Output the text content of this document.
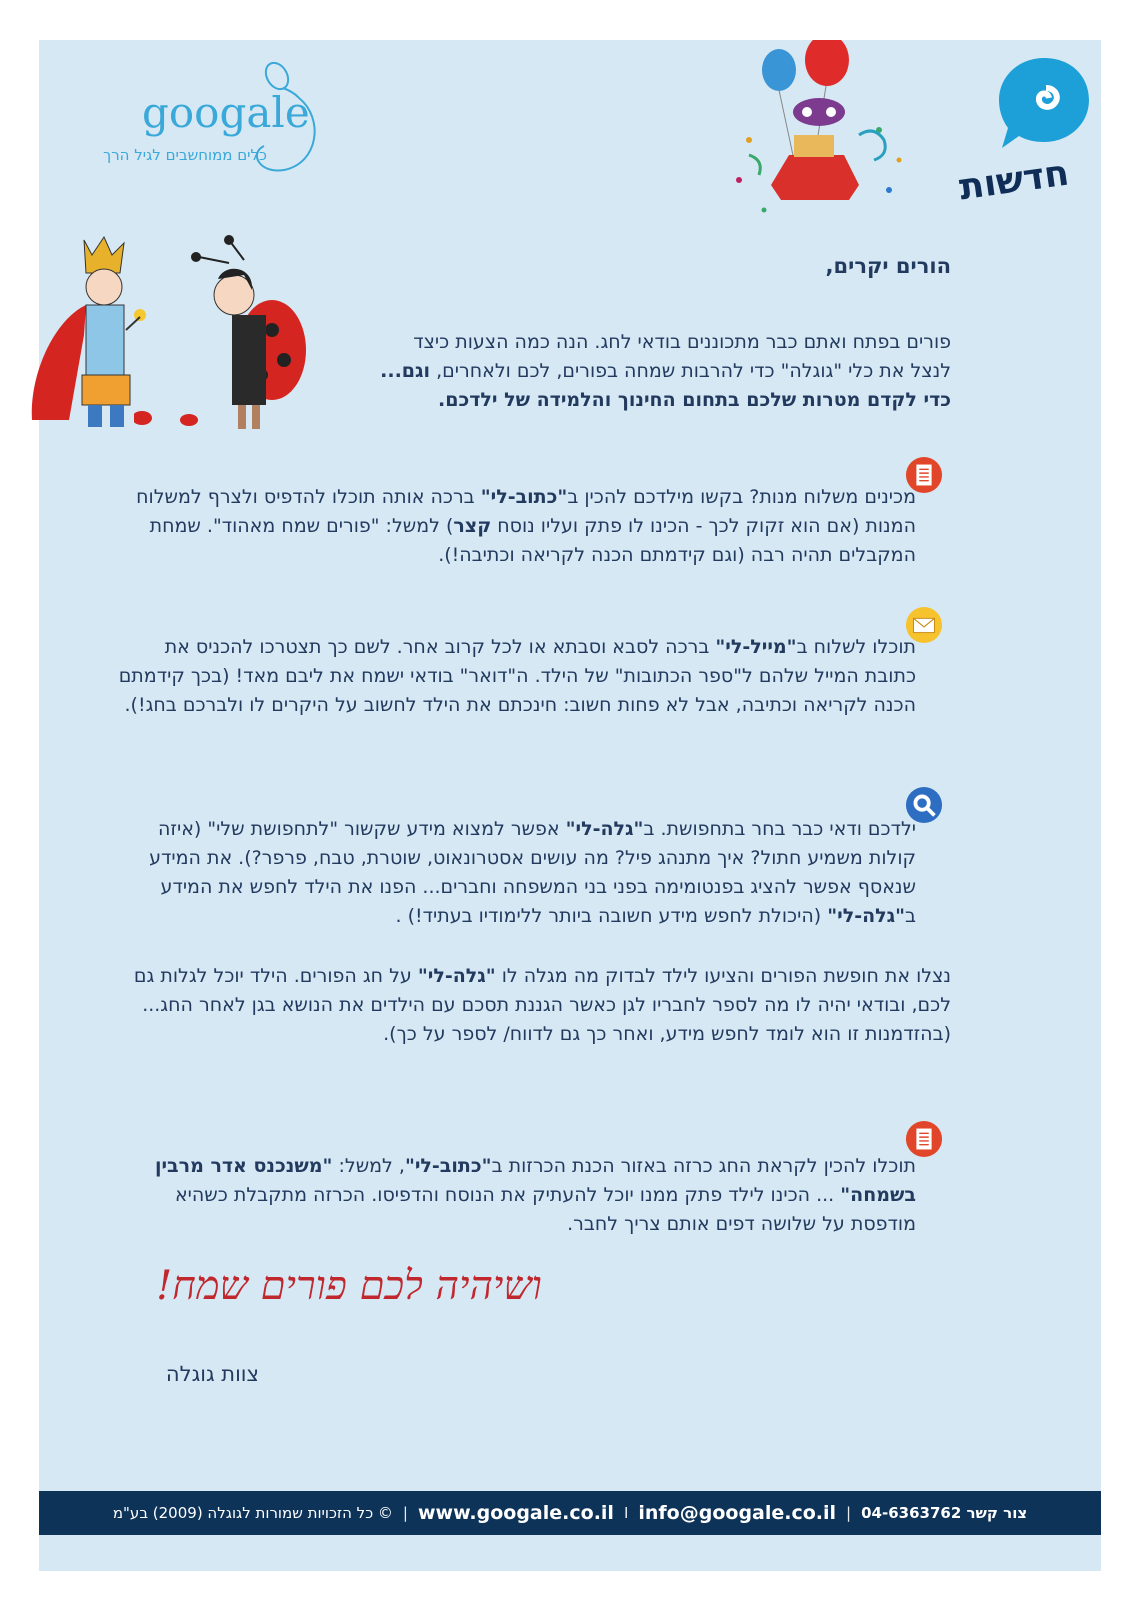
googale
כלים ממוחשבים לגיל הרך	חדשות
הורים יקרים,
פורים בפתח ואתם כבר מתכוננים בודאי לחג. הנה כמה הצעות כיצד
לנצל את כלי "גוגלה" כדי להרבות שמחה בפורים, לכם ולאחרים, וגם...
כדי לקדם מטרות שלכם בתחום החינוך והלמידה של ילדכם.
מכינים משלוח מנות? בקשו מילדכם להכין ב"כתוב-לי" ברכה אותה תוכלו להדפיס ולצרף למשלוח המנות (אם הוא זקוק לכך - הכינו לו פתק ועליו נוסח קצר) למשל: "פורים שמח מאהוד". שמחת המקבלים תהיה רבה (וגם קידמתם הכנה לקריאה וכתיבה!).
תוכלו לשלוח ב"מייל-לי" ברכה לסבא וסבתא או לכל קרוב אחר. לשם כך תצטרכו להכניס את כתובת המייל שלהם ל"ספר הכתובות" של הילד. ה"דואר" בודאי ישמח את ליבם מאד! (בכך קידמתם הכנה לקריאה וכתיבה, אבל לא פחות חשוב: חינכתם את הילד לחשוב על היקרים לו ולברכם בחג!).
ילדכם ודאי כבר בחר בתחפושת. ב"גלה-לי" אפשר למצוא מידע שקשור "לתחפושת שלי" (איזה קולות משמיע חתול? איך מתנהג פיל? מה עושים אסטרונאוט, שוטרת, טבח, פרפר?). את המידע שנאסף אפשר להציג בפנטומימה בפני בני המשפחה וחברים... הפנו את הילד לחפש את המידע ב"גלה-לי" (היכולת לחפש מידע חשובה ביותר ללימודיו בעתיד!) .
נצלו את חופשת הפורים והציעו לילד לבדוק מה מגלה לו "גלה-לי" על חג הפורים. הילד יוכל לגלות גם לכם, ובודאי יהיה לו מה לספר לחבריו לגן כאשר הגננת תסכם עם הילדים את הנושא בגן לאחר החג... (בהזדמנות זו הוא לומד לחפש מידע, ואחר כך גם לדווח/ לספר על כך).
תוכלו להכין לקראת החג כרזה באזור הכנת הכרזות ב"כתוב-לי", למשל: "משנכנס אדר מרבין בשמחה" ... הכינו לילד פתק ממנו יוכל להעתיק את הנוסח והדפיסו. הכרזה מתקבלת כשהיא מודפסת על שלושה דפים אותם צריך לחבר.
ושיהיה לכם פורים שמח!
צוות גוגלה
כל הזכויות שמורות לגוגלה (2009) בע"מ © | www.googale.co.il I info@googale.co.il | צור קשר 04-6363762
